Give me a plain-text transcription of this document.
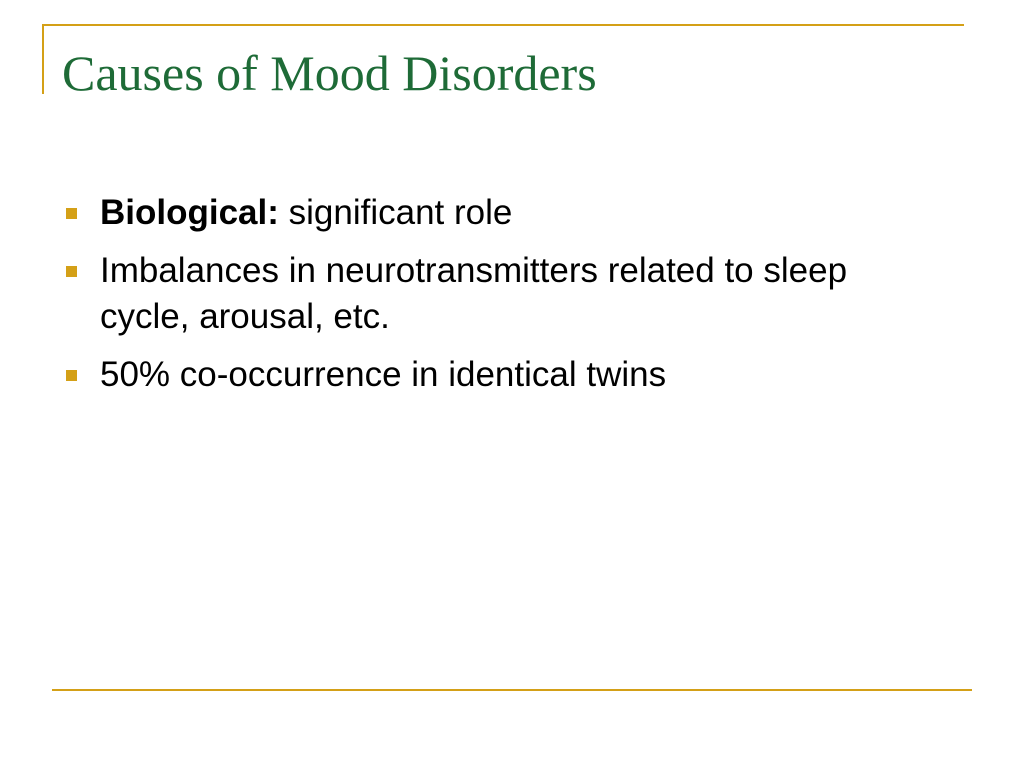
Causes of Mood Disorders
Biological: significant role
Imbalances in neurotransmitters related to sleep cycle, arousal, etc.
50% co-occurrence in identical twins
